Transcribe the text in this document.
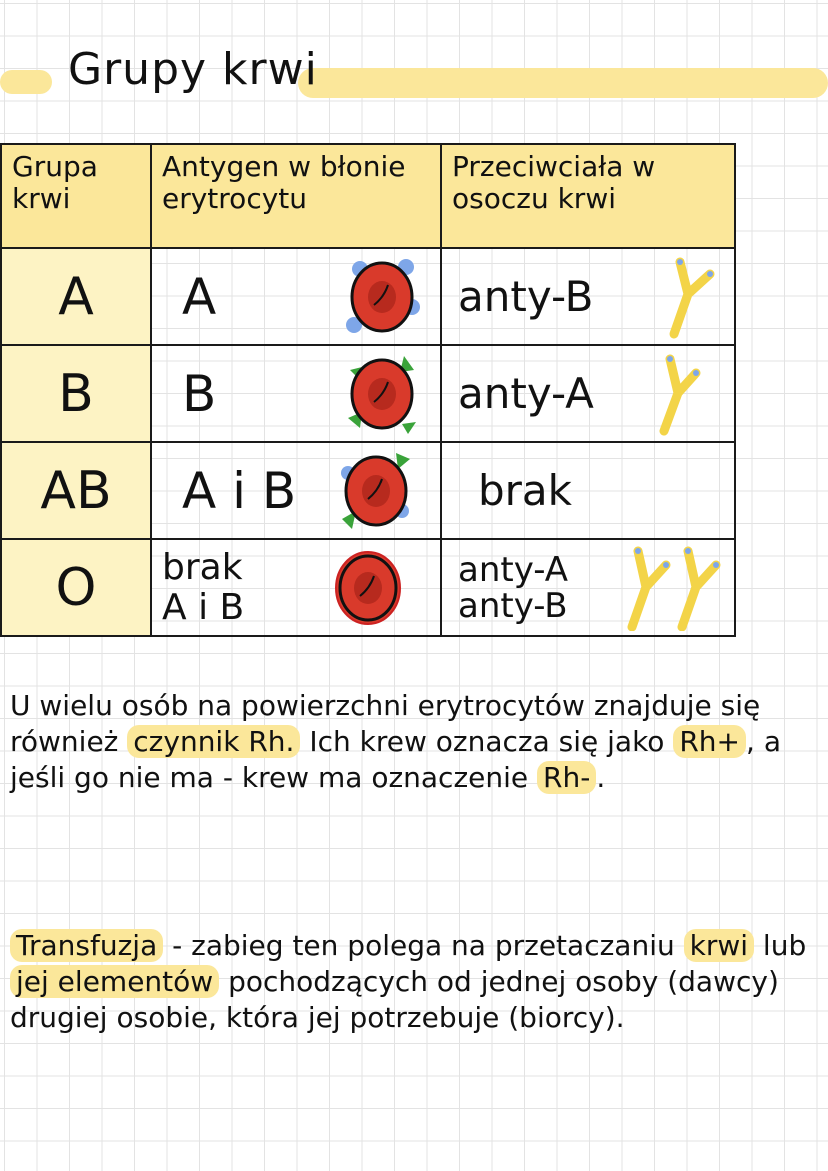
Grupy krwi
Grupa krwi	Antygen w błonie erytrocytu	Przeciwciała w osoczu krwi
A	A	anty-B

B	B	anty-A

AB	A i B	brak

O	brak A i B	anty-A anty-B
U wielu osób na powierzchni erytrocytów znajduje się również czynnik Rh. Ich krew oznacza się jako Rh+ , a jeśli go nie ma - krew ma oznaczenie Rh- .
Transfuzja - zabieg ten polega na przetaczaniu krwi lub jej elementów pochodzących od jednej osoby (dawcy) drugiej osobie, która jej potrzebuje (biorcy).
